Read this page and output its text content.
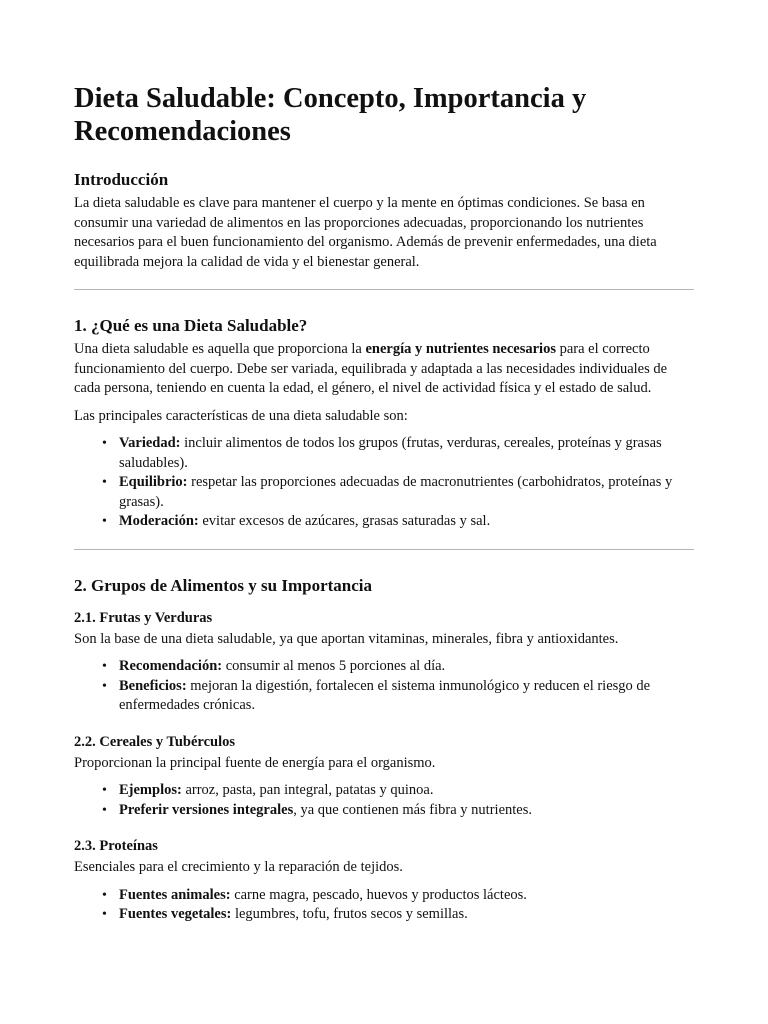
Dieta Saludable: Concepto, Importancia y Recomendaciones
Introducción

La dieta saludable es clave para mantener el cuerpo y la mente en óptimas condiciones. Se basa en consumir una variedad de alimentos en las proporciones adecuadas, proporcionando los nutrientes necesarios para el buen funcionamiento del organismo. Además de prevenir enfermedades, una dieta equilibrada mejora la calidad de vida y el bienestar general.

1. ¿Qué es una Dieta Saludable?

Una dieta saludable es aquella que proporciona la energía y nutrientes necesarios para el correcto funcionamiento del cuerpo. Debe ser variada, equilibrada y adaptada a las necesidades individuales de cada persona, teniendo en cuenta la edad, el género, el nivel de actividad física y el estado de salud.

Las principales características de una dieta saludable son:

• Variedad: incluir alimentos de todos los grupos (frutas, verduras, cereales, proteínas y grasas saludables).
• Equilibrio: respetar las proporciones adecuadas de macronutrientes (carbohidratos, proteínas y grasas).
• Moderación: evitar excesos de azúcares, grasas saturadas y sal.
2. Grupos de Alimentos y su Importancia
2.1. Frutas y Verduras

Son la base de una dieta saludable, ya que aportan vitaminas, minerales, fibra y antioxidantes.

• Recomendación: consumir al menos 5 porciones al día.
• Beneficios: mejoran la digestión, fortalecen el sistema inmunológico y reducen el riesgo de enfermedades crónicas.
2.2. Cereales y Tubérculos

Proporcionan la principal fuente de energía para el organismo.

• Ejemplos: arroz, pasta, pan integral, patatas y quinoa.
• Preferir versiones integrales, ya que contienen más fibra y nutrientes.
2.3. Proteínas

Esenciales para el crecimiento y la reparación de tejidos.

• Fuentes animales: carne magra, pescado, huevos y productos lácteos.
• Fuentes vegetales: legumbres, tofu, frutos secos y semillas.
